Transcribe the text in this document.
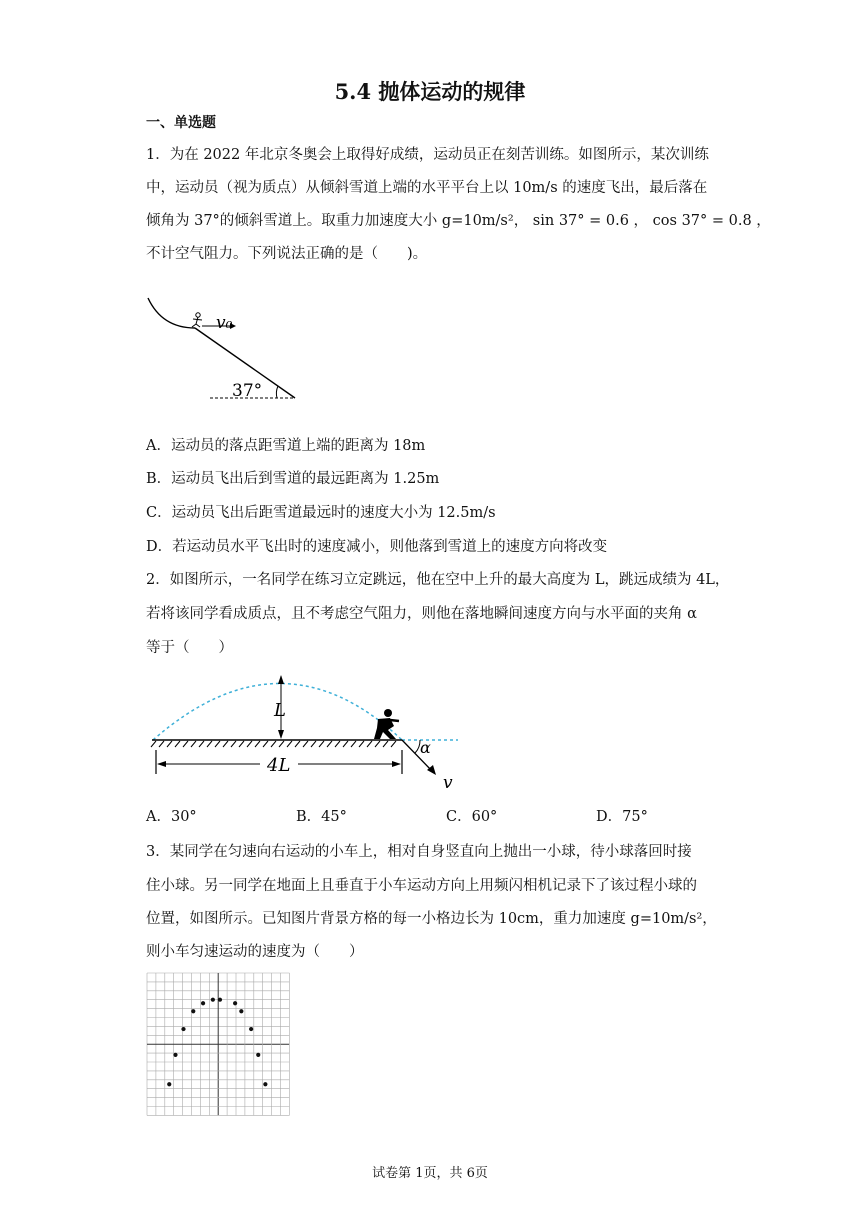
5.4 抛体运动的规律
一、单选题
1．为在 2022 年北京冬奥会上取得好成绩，运动员正在刻苦训练。如图所示，某次训练
中，运动员（视为质点）从倾斜雪道上端的水平平台上以 10m/s 的速度飞出，最后落在
倾角为 37°的倾斜雪道上。取重力加速度大小 g=10m/s²， sin 37° = 0.6 ， cos 37° = 0.8 ，
不计空气阻力。下列说法正确的是（　　)。
v₀
37°
A．运动员的落点距雪道上端的距离为 18m
B．运动员飞出后到雪道的最远距离为 1.25m
C．运动员飞出后距雪道最远时的速度大小为 12.5m/s
D．若运动员水平飞出时的速度减小，则他落到雪道上的速度方向将改变
2．如图所示，一名同学在练习立定跳远，他在空中上升的最大高度为 L，跳远成绩为 4L，
若将该同学看成质点，且不考虑空气阻力，则他在落地瞬间速度方向与水平面的夹角 α
等于（　　）
L
4L
α
v
A．30°	B．45°	C．60°	D．75°
3．某同学在匀速向右运动的小车上，相对自身竖直向上抛出一小球，待小球落回时接
住小球。另一同学在地面上且垂直于小车运动方向上用频闪相机记录下了该过程小球的
位置，如图所示。已知图片背景方格的每一小格边长为 10cm，重力加速度 g=10m/s²，
则小车匀速运动的速度为（　　）
试卷第 1页，共 6页
